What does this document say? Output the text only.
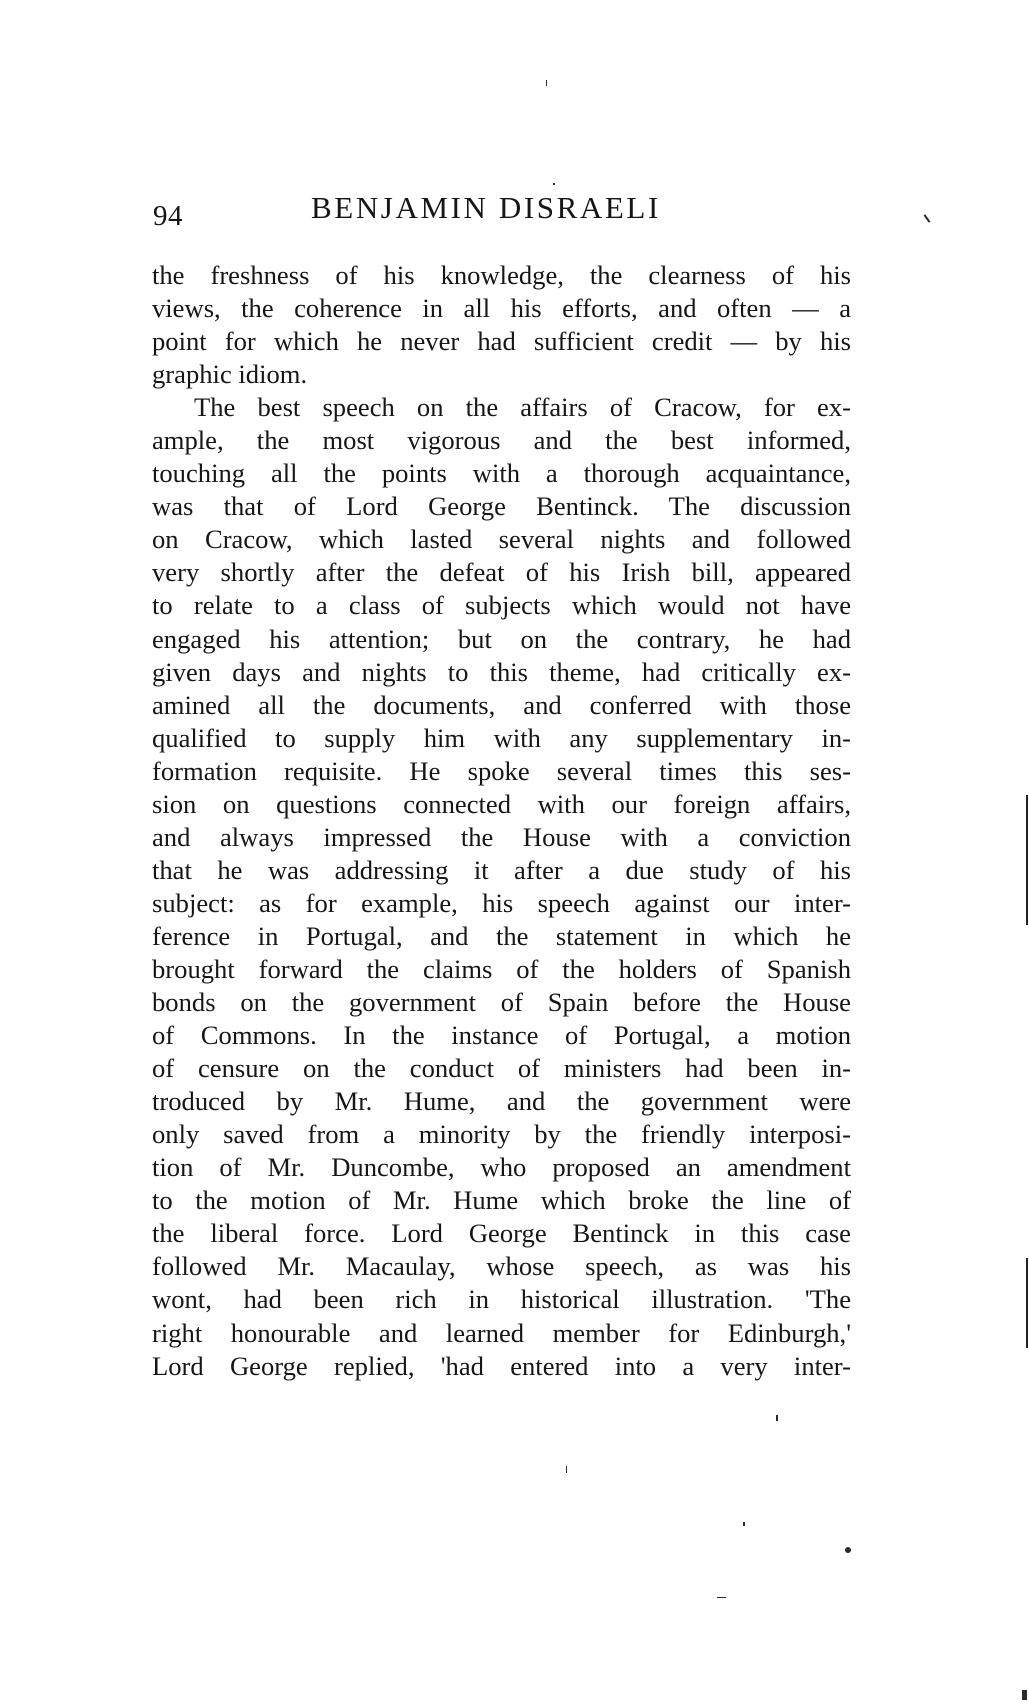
94	BENJAMIN DISRAELI
the freshness of his knowledge, the clearness of his
views, the coherence in all his efforts, and often — a
point for which he never had sufficient credit — by his
graphic idiom.
The best speech on the affairs of Cracow, for ex-
ample, the most vigorous and the best informed,
touching all the points with a thorough acquaintance,
was that of Lord George Bentinck. The discussion
on Cracow, which lasted several nights and followed
very shortly after the defeat of his Irish bill, appeared
to relate to a class of subjects which would not have
engaged his attention; but on the contrary, he had
given days and nights to this theme, had critically ex-
amined all the documents, and conferred with those
qualified to supply him with any supplementary in-
formation requisite. He spoke several times this ses-
sion on questions connected with our foreign affairs,
and always impressed the House with a conviction
that he was addressing it after a due study of his
subject: as for example, his speech against our inter-
ference in Portugal, and the statement in which he
brought forward the claims of the holders of Spanish
bonds on the government of Spain before the House
of Commons. In the instance of Portugal, a motion
of censure on the conduct of ministers had been in-
troduced by Mr. Hume, and the government were
only saved from a minority by the friendly interposi-
tion of Mr. Duncombe, who proposed an amendment
to the motion of Mr. Hume which broke the line of
the liberal force. Lord George Bentinck in this case
followed Mr. Macaulay, whose speech, as was his
wont, had been rich in historical illustration. 'The
right honourable and learned member for Edinburgh,'
Lord George replied, 'had entered into a very inter-
